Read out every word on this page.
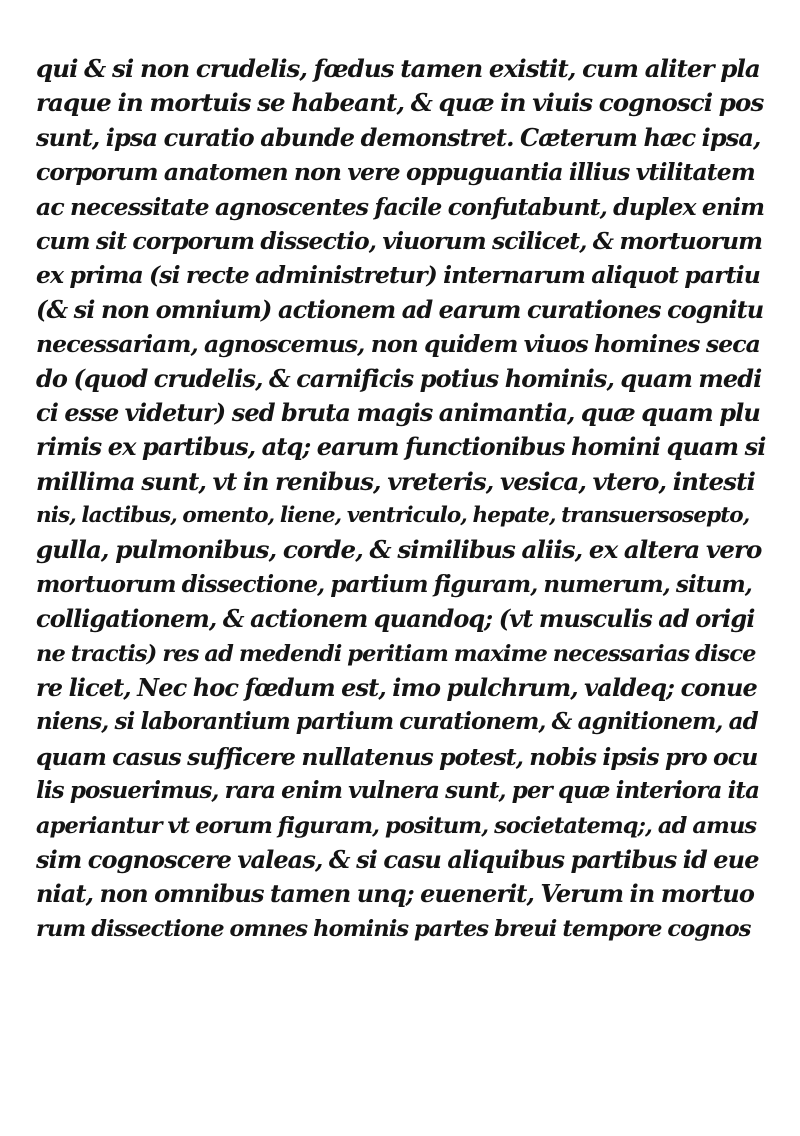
qui & si non crudelis, fœdus tamen existit, cum aliter pla
raque in mortuis se habeant, & quæ in viuis cognosci pos
sunt, ipsa curatio abunde demonstret. Cæterum hæc ipsa,
corporum anatomen non vere oppuguantia illius vtilitatem
ac necessitate agnoscentes facile confutabunt, duplex enim
cum sit corporum dissectio, viuorum scilicet, & mortuorum
ex prima (si recte administretur) internarum aliquot partiu
(& si non omnium) actionem ad earum curationes cognitu
necessariam, agnoscemus, non quidem viuos homines seca
do (quod crudelis, & carnificis potius hominis, quam medi
ci esse videtur) sed bruta magis animantia, quæ quam plu
rimis ex partibus, atq; earum functionibus homini quam si
millima sunt, vt in renibus, vreteris, vesica, vtero, intesti
nis, lactibus, omento, liene, ventriculo, hepate, transuersosepto,
gulla, pulmonibus, corde, & similibus aliis, ex altera vero
mortuorum dissectione, partium figuram, numerum, situm,
colligationem, & actionem quandoq; (vt musculis ad origi
ne tractis) res ad medendi peritiam maxime necessarias disce
re licet, Nec hoc fœdum est, imo pulchrum, valdeq; conue
niens, si laborantium partium curationem, & agnitionem, ad
quam casus sufficere nullatenus potest, nobis ipsis pro ocu
lis posuerimus, rara enim vulnera sunt, per quæ interiora ita
aperiantur vt eorum figuram, positum, societatemq;, ad amus
sim cognoscere valeas, & si casu aliquibus partibus id eue
niat, non omnibus tamen unq; euenerit, Verum in mortuo
rum dissectione omnes hominis partes breui tempore cognos
